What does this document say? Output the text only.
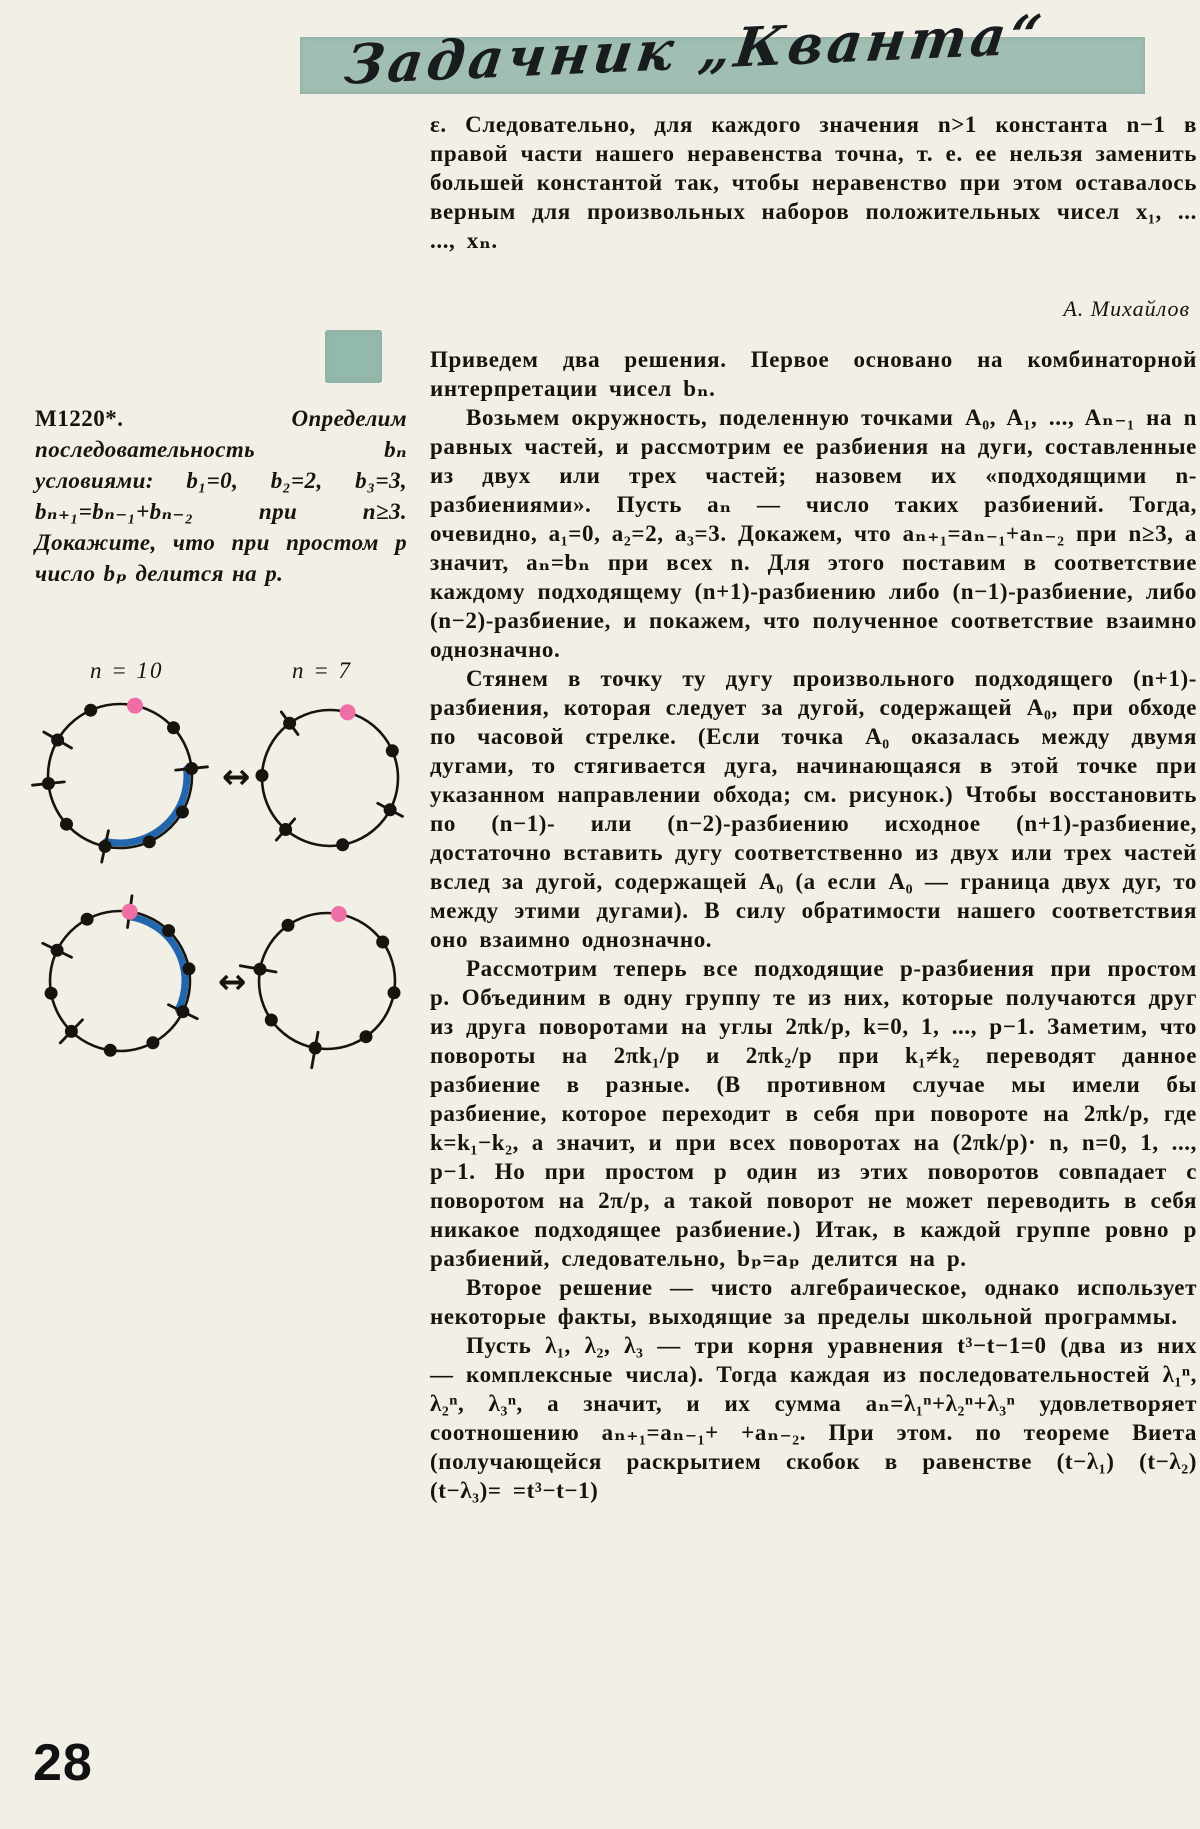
Задачник „Кванта“
ε. Следовательно, для каждого значения n>1 константа n−1 в правой части нашего неравенства точна, т. е. ее нельзя заменить большей константой так, чтобы неравенство при этом оставалось верным для произвольных наборов положительных чисел x₁, ... ..., xₙ.
А. Михайлов
М1220*. Определим последовательность bₙ условиями: b₁=0, b₂=2, b₃=3, bₙ₊₁=bₙ₋₁+bₙ₋₂ при n≥3. Докажите, что при простом p число bₚ делится на p.
n = 10	n = 7
↔
↔

Приведем два решения. Первое основано на комбинаторной интерпретации чисел bₙ.

Возьмем окружность, поделенную точками A₀, A₁, ..., Aₙ₋₁ на n равных частей, и рассмотрим ее разбиения на дуги, составленные из двух или трех частей; назовем их «подходящими n-разбиениями». Пусть aₙ — число таких разбиений. Тогда, очевидно, a₁=0, a₂=2, a₃=3. Докажем, что aₙ₊₁=aₙ₋₁+aₙ₋₂ при n≥3, а значит, aₙ=bₙ при всех n. Для этого поставим в соответствие каждому подходящему (n+1)-разбиению либо (n−1)-разбиение, либо (n−2)-разбиение, и покажем, что полученное соответствие взаимно однозначно.

Стянем в точку ту дугу произвольного подходящего (n+1)-разбиения, которая следует за дугой, содержащей A₀, при обходе по часовой стрелке. (Если точка A₀ оказалась между двумя дугами, то стягивается дуга, начинающаяся в этой точке при указанном направлении обхода; см. рисунок.) Чтобы восстановить по (n−1)- или (n−2)-разбиению исходное (n+1)-разбиение, достаточно вставить дугу соответственно из двух или трех частей вслед за дугой, содержащей A₀ (а если A₀ — граница двух дуг, то между этими дугами). В силу обратимости нашего соответствия оно взаимно однозначно.

Рассмотрим теперь все подходящие p-разбиения при простом p. Объединим в одну группу те из них, которые получаются друг из друга поворотами на углы 2πk/p, k=0, 1, ..., p−1. Заметим, что повороты на 2πk₁/p и 2πk₂/p при k₁≠k₂ переводят данное разбиение в разные. (В противном случае мы имели бы разбиение, которое переходит в себя при повороте на 2πk/p, где k=k₁−k₂, а значит, и при всех поворотах на (2πk/p)· n, n=0, 1, ..., p−1. Но при простом p один из этих поворотов совпадает с поворотом на 2π/p, а такой поворот не может переводить в себя никакое подходящее разбиение.) Итак, в каждой группе ровно p разбиений, следовательно, bₚ=aₚ делится на p.

Второе решение — чисто алгебраическое, однако использует некоторые факты, выходящие за пределы школьной программы.

Пусть λ₁, λ₂, λ₃ — три корня уравнения t³−t−1=0 (два из них — комплексные числа). Тогда каждая из последовательностей λ₁ⁿ, λ₂ⁿ, λ₃ⁿ, а значит, и их сумма aₙ=λ₁ⁿ+λ₂ⁿ+λ₃ⁿ удовлетворяет соотношению aₙ₊₁=aₙ₋₁+ +aₙ₋₂. При этом. по теореме Виета (получающейся раскрытием скобок в равенстве (t−λ₁) (t−λ₂) (t−λ₃)= =t³−t−1)

28
